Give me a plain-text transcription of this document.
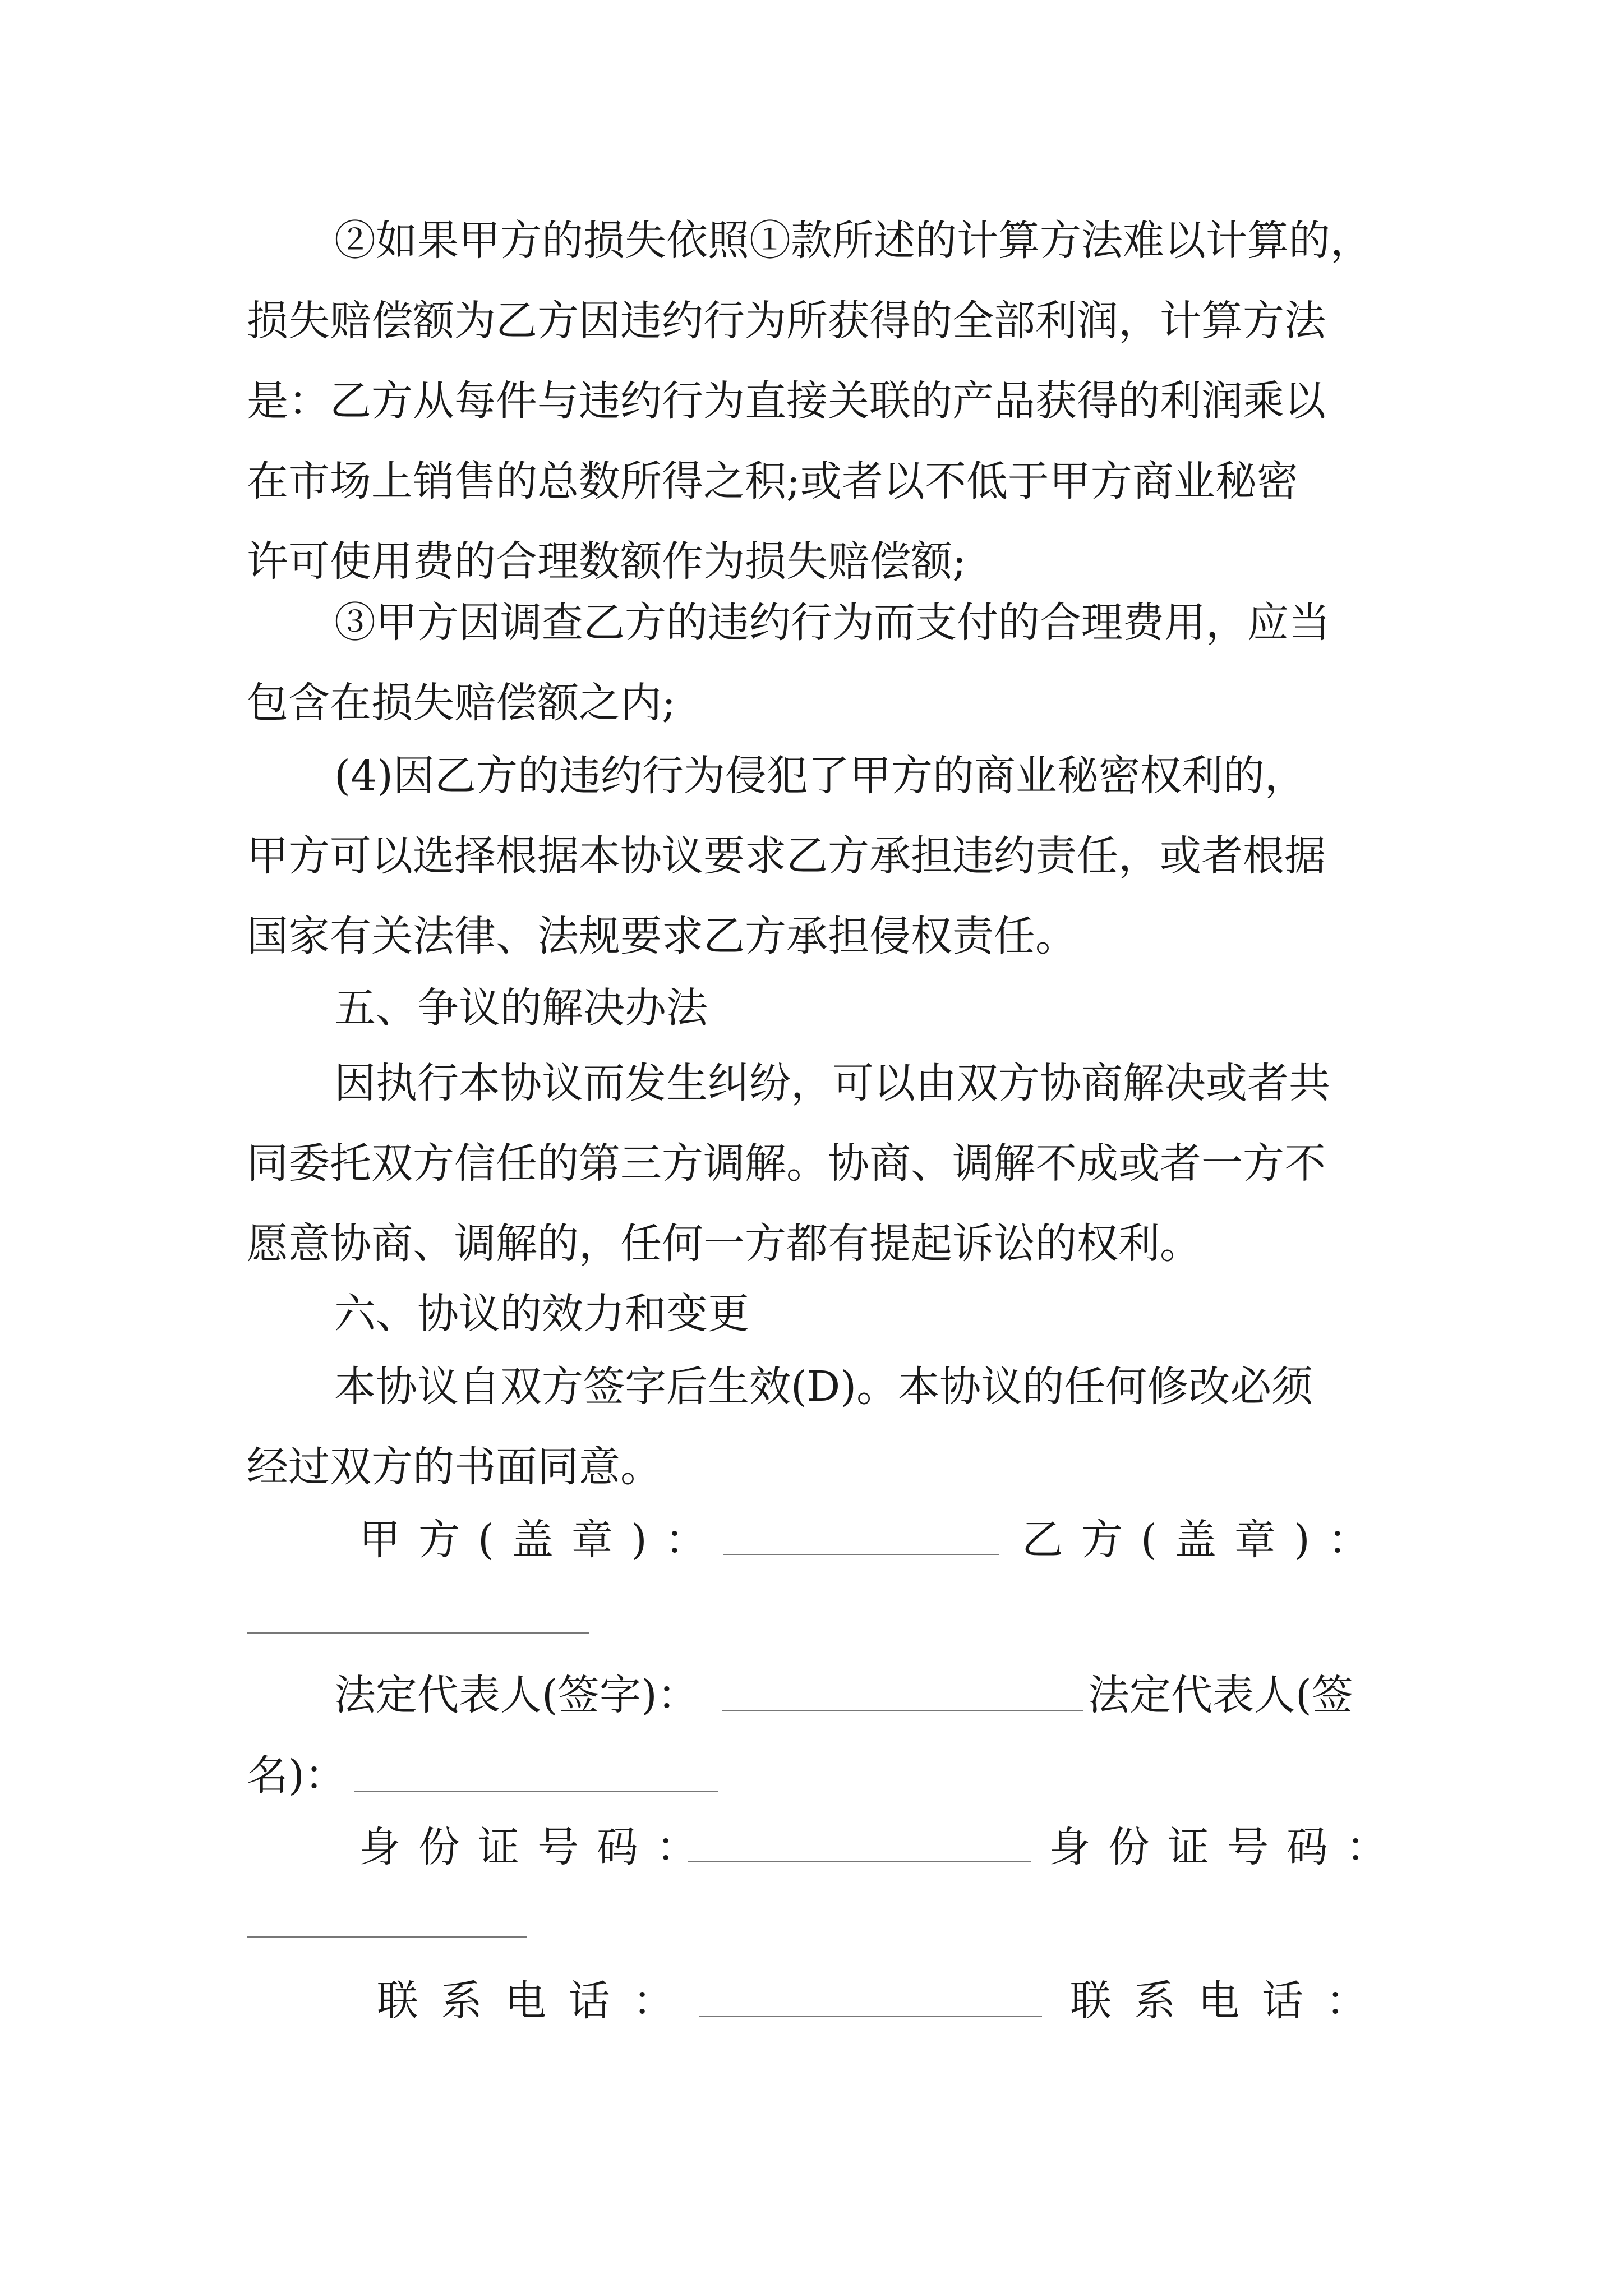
②如果甲方的损失依照①款所述的计算方法难以计算的，
损失赔偿额为乙方因违约行为所获得的全部利润，计算方法
是：乙方从每件与违约行为直接关联的产品获得的利润乘以
在市场上销售的总数所得之积;或者以不低于甲方商业秘密
许可使用费的合理数额作为损失赔偿额;
③甲方因调查乙方的违约行为而支付的合理费用，应当
包含在损失赔偿额之内;
(4)因乙方的违约行为侵犯了甲方的商业秘密权利的，
甲方可以选择根据本协议要求乙方承担违约责任，或者根据
国家有关法律、法规要求乙方承担侵权责任。
五、争议的解决办法
因执行本协议而发生纠纷，可以由双方协商解决或者共
同委托双方信任的第三方调解。协商、调解不成或者一方不
愿意协商、调解的，任何一方都有提起诉讼的权利。
六、协议的效力和变更
本协议自双方签字后生效(D)。本协议的任何修改必须
经过双方的书面同意。
甲方(盖章)：	乙方(盖章)：
法定代表人(签字)：	法定代表人(签
名)：
身份证号码：	身份证号码：
联系电话：	联系电话：
